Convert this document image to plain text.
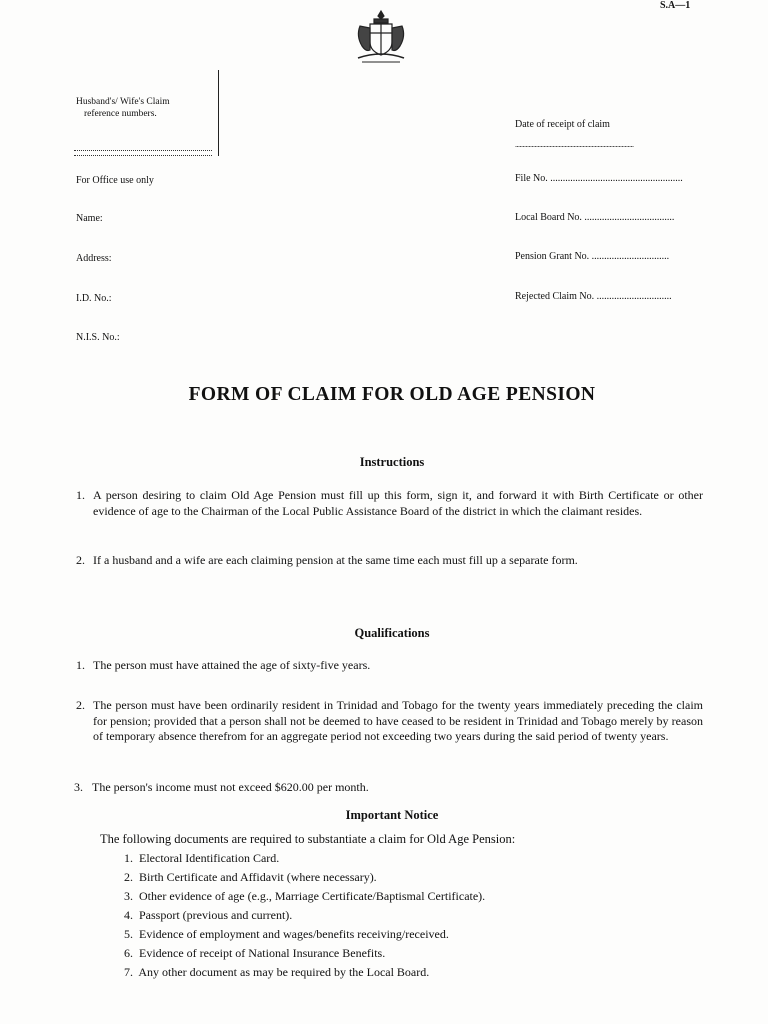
S.A—1
Husband's/ Wife's Claim
reference numbers.
For Office use only
Name:
Address:
I.D. No.:
N.I.S. No.:
Date of receipt of claim
...............................................................................
File No. .....................................................
Local Board No. ....................................
Pension Grant No. ...............................
Rejected Claim No. ..............................
FORM OF CLAIM FOR OLD AGE PENSION
Instructions
1. A person desiring to claim Old Age Pension must fill up this form, sign it, and forward it with Birth Certificate or other evidence of age to the Chairman of the Local Public Assistance Board of the district in which the claimant resides.
2. If a husband and a wife are each claiming pension at the same time each must fill up a separate form.
Qualifications
1. The person must have attained the age of sixty-five years.
2. The person must have been ordinarily resident in Trinidad and Tobago for the twenty years immediately preceding the claim for pension; provided that a person shall not be deemed to have ceased to be resident in Trinidad and Tobago merely by reason of temporary absence therefrom for an aggregate period not exceeding two years during the said period of twenty years.
3. The person's income must not exceed $620.00 per month.
Important Notice
The following documents are required to substantiate a claim for Old Age Pension:
1. Electoral Identification Card.
2. Birth Certificate and Affidavit (where necessary).
3. Other evidence of age (e.g., Marriage Certificate/Baptismal Certificate).
4. Passport (previous and current).
5. Evidence of employment and wages/benefits receiving/received.
6. Evidence of receipt of National Insurance Benefits.
7. Any other document as may be required by the Local Board.
